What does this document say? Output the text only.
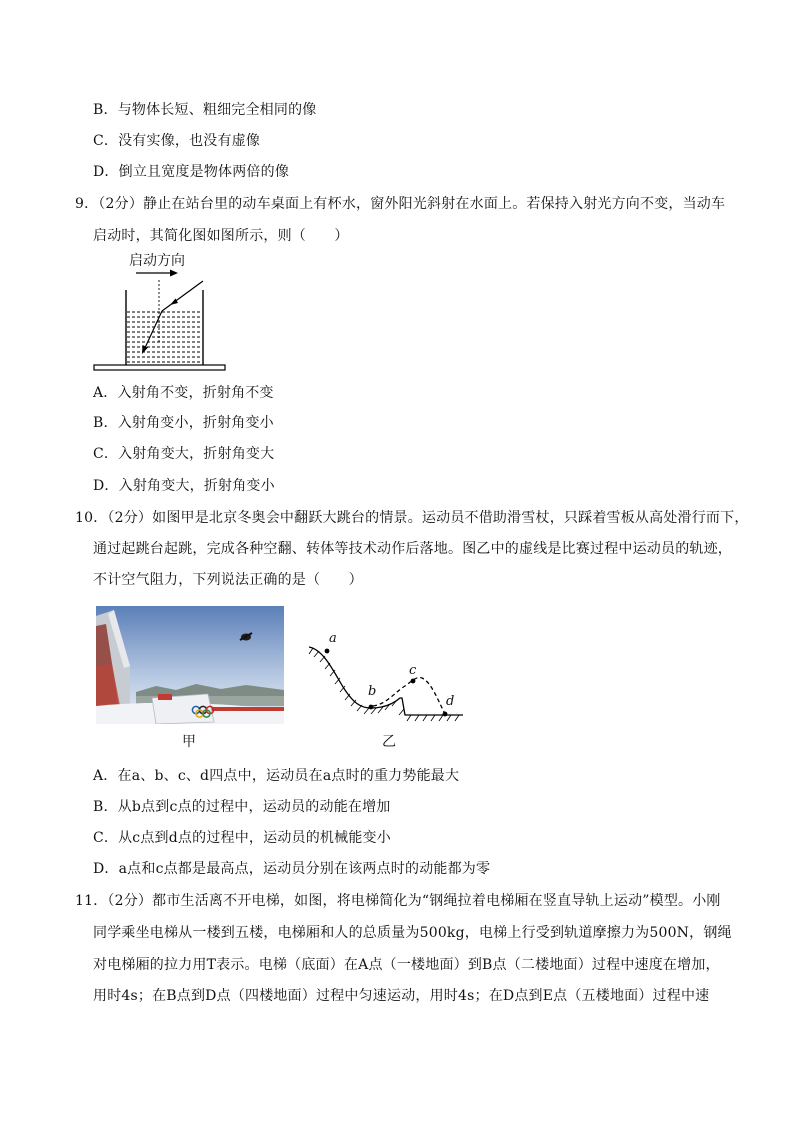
B．与物体长短、粗细完全相同的像
C．没有实像，也没有虚像
D．倒立且宽度是物体两倍的像
9．（2分）静止在站台里的动车桌面上有杯水，窗外阳光斜射在水面上。若保持入射光方向不变，当动车
启动时，其简化图如图所示，则（　　）
启动方向
A．入射角不变，折射角不变
B．入射角变小，折射角变小
C．入射角变大，折射角变大
D．入射角变大，折射角变小
10．（2分）如图甲是北京冬奥会中翻跃大跳台的情景。运动员不借助滑雪杖，只踩着雪板从高处滑行而下，
通过起跳台起跳，完成各种空翻、转体等技术动作后落地。图乙中的虚线是比赛过程中运动员的轨迹，
不计空气阻力，下列说法正确的是（　　）
甲
a
b
c
d
乙
A．在a、b、c、d四点中，运动员在a点时的重力势能最大
B．从b点到c点的过程中，运动员的动能在增加
C．从c点到d点的过程中，运动员的机械能变小
D．a点和c点都是最高点，运动员分别在该两点时的动能都为零
11．（2分）都市生活离不开电梯，如图，将电梯简化为“钢绳拉着电梯厢在竖直导轨上运动”模型。小刚
同学乘坐电梯从一楼到五楼，电梯厢和人的总质量为500kg，电梯上行受到轨道摩擦力为500N，钢绳
对电梯厢的拉力用T表示。电梯（底面）在A点（一楼地面）到B点（二楼地面）过程中速度在增加，
用时4s；在B点到D点（四楼地面）过程中匀速运动，用时4s；在D点到E点（五楼地面）过程中速
